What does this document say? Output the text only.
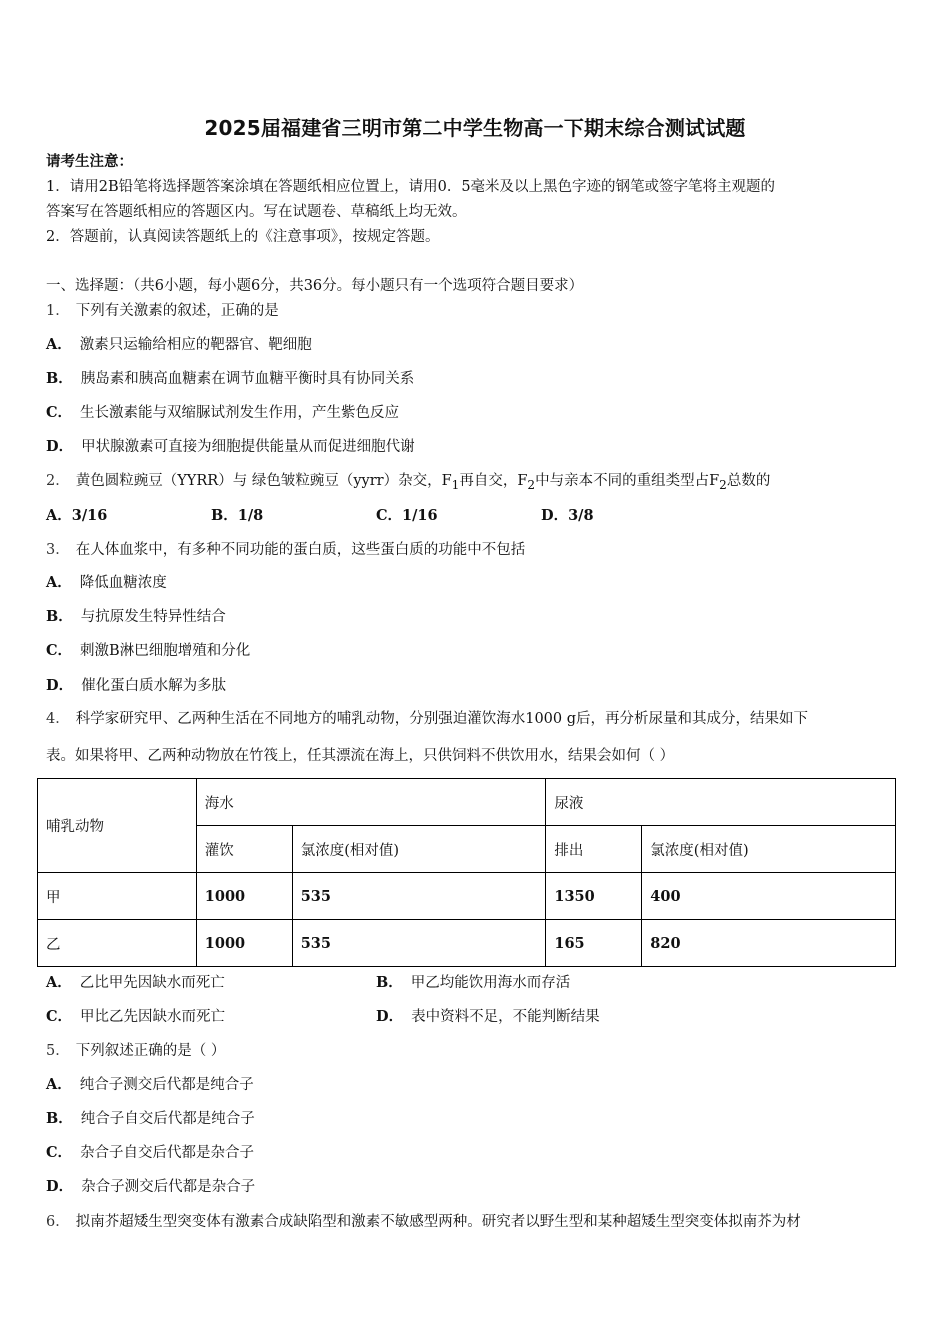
2025届福建省三明市第二中学生物高一下期末综合测试试题
请考生注意：
1．请用2B铅笔将选择题答案涂填在答题纸相应位置上，请用0．5毫米及以上黑色字迹的钢笔或签字笔将主观题的
答案写在答题纸相应的答题区内。写在试题卷、草稿纸上均无效。
2．答题前，认真阅读答题纸上的《注意事项》，按规定答题。
一、选择题：（共6小题，每小题6分，共36分。每小题只有一个选项符合题目要求）
1． 下列有关激素的叙述，正确的是
A． 激素只运输给相应的靶器官、靶细胞
B． 胰岛素和胰高血糖素在调节血糖平衡时具有协同关系
C． 生长激素能与双缩脲试剂发生作用，产生紫色反应
D． 甲状腺激素可直接为细胞提供能量从而促进细胞代谢
2． 黄色圆粒豌豆（YYRR）与 绿色皱粒豌豆（yyrr）杂交，$F_1$再自交，$F_2$中与亲本不同的重组类型占$F_2$总数的
A．3/16	B．1/8	C．1/16	D．3/8
3． 在人体血浆中，有多种不同功能的蛋白质，这些蛋白质的功能中不包括
A． 降低血糖浓度
B． 与抗原发生特异性结合
C． 刺激B淋巴细胞增殖和分化
D． 催化蛋白质水解为多肽
4． 科学家研究甲、乙两种生活在不同地方的哺乳动物，分别强迫灌饮海水1000 g后，再分析尿量和其成分，结果如下
表。如果将甲、乙两种动物放在竹筏上，任其漂流在海上，只供饲料不供饮用水，结果会如何（ ）
哺乳动物	海水		尿液	
	灌饮	氯浓度(相对值)	排出	氯浓度(相对值)
甲	1000	535	1350	400
乙	1000	535	165	820
A． 乙比甲先因缺水而死亡	B． 甲乙均能饮用海水而存活
C． 甲比乙先因缺水而死亡	D． 表中资料不足，不能判断结果
5． 下列叙述正确的是（ ）
A． 纯合子测交后代都是纯合子
B． 纯合子自交后代都是纯合子
C． 杂合子自交后代都是杂合子
D． 杂合子测交后代都是杂合子
6． 拟南芥超矮生型突变体有激素合成缺陷型和激素不敏感型两种。研究者以野生型和某种超矮生型突变体拟南芥为材
